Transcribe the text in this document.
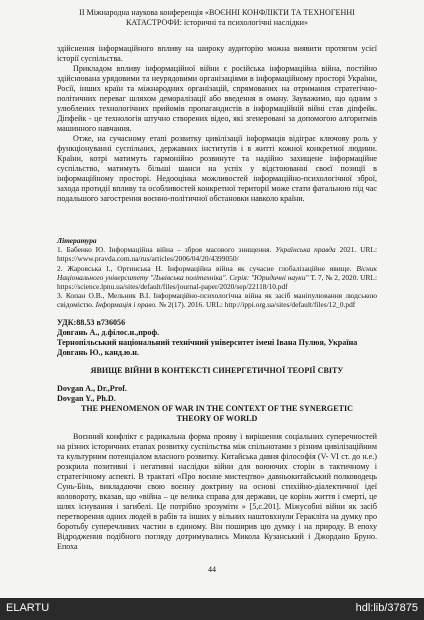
ІІ Міжнародна наукова конференція «ВОЄННІ КОНФЛІКТИ ТА ТЕХНОГЕННІ
КАТАСТРОФИ: історичні та психологічні наслідки»

здійснення інформаційного впливу на широку аудиторію можна виявити протягом усієї історії суспільства.

Прикладом впливу інформаційної війни є російська інформаційна війна, постійно здійснювана урядовими та неурядовими організаціями в інформаційному просторі України, Росії, інших країн та міжнародних організацій, спрямованих на отримання стратегічно-політичних переваг шляхом деморалізації або введення в оману. Зауважимо, що одним з улюблених технологічних прийомів пропагандистів в інформаційній війні став діпфейк. Діпфейк - це технологія штучно створених відео, які згенеровані за допомогою алгоритмів машинного навчання.

Отже, на сучасному етапі розвитку цивілізації інформація відіграє ключову роль у функціонуванні суспільних, державних інститутів і в житті кожної конкретної людини. Країни, котрі матимуть гармонійно розвинуте та надійно захищене інформаційне суспільство, матимуть більші шанси на успіх у відстоюванні своєї позиції в інформаційному просторі. Недооцінка можливостей інформаційно-психологічної зброї, захода протидії впливу та особливостей конкретної території може стати фатальною під час подальшого загострення воєнно-політичної обстановки навколо країни.

Література

1. Бабенко Ю. Інформаційна війна – зброя масового знищення. Українська правда 2021. URL: https://www.pravda.com.ua/rus/articles/2006/04/20/4399050/

2. Жаровська І., Ортинська Н. Інформаційна війна як сучасне глобалізаційне явище. Вісник Національного університету "Львівська політехніка". Серія: "Юридичні науки" Т. 7, № 2, 2020. URL: https://science.lpnu.ua/sites/default/files/journal-paper/2020/sep/22118/10.pdf

3. Копан О.В., Мельник В.І. Інформаційно-психологічна війна як засіб маніпулювання людською свідомістю. Інформація і право. № 2(17). 2016. URL: http://ippi.org.ua/sites/default/files/12_0.pdf

УДК:88.53 в736056

Довгань А., д.філос.н.,проф.

Тернопільський національний технічний університет імені Івана Пулюя, Україна

Довгань Ю., канд.ю.н.

ЯВИЩЕ ВІЙНИ В КОНТЕКСТІ СИНЕРГЕТИЧНОЇ ТЕОРІЇ СВІТУ

Dovgan A., Dr.,Prof.

Dovgan Y., Ph.D.

THE PHENOMENON OF WAR IN THE CONTEXT OF THE SYNERGETIC

THEORY OF WORLD

Воєнний конфлікт є радикальна форма прояву і вирішення соціальних суперечностей на різних історичних етапах розвитку суспільства між спільнотами з різним цивілізаційним та культурним потенціалом власного розвитку. Китайська давня філософія (V- VІ ст. до н.е.) розкрила позитивні і негативні наслідки війни для воюючих сторін в тактичному і стратегічному аспекті. В трактаті «Про воєнне мистецтво» давньокитайський полководець Сунь-Бінь, викладаючи свою воєнну доктрину на основі стихійно-діалектичної ідеї коловороту, вказав, що «війна – це велика справа для держави, це корінь життя і смерті, це шлях існування і загибелі. Це потрібно зрозуміти » [5,с.201]. Міжусобні війни як засіб перетворення одних людей в рабів та інших у вільних наштовхнули Геракліта на думку про боротьбу суперечливих частин в єдиному. Він поширив цю думку і на природу. В епоху Відродження подібного погляду дотримувались Микола Кузанський і Джордано Бруно. Епоха

44
ELARTU	hdl:lib/37875
